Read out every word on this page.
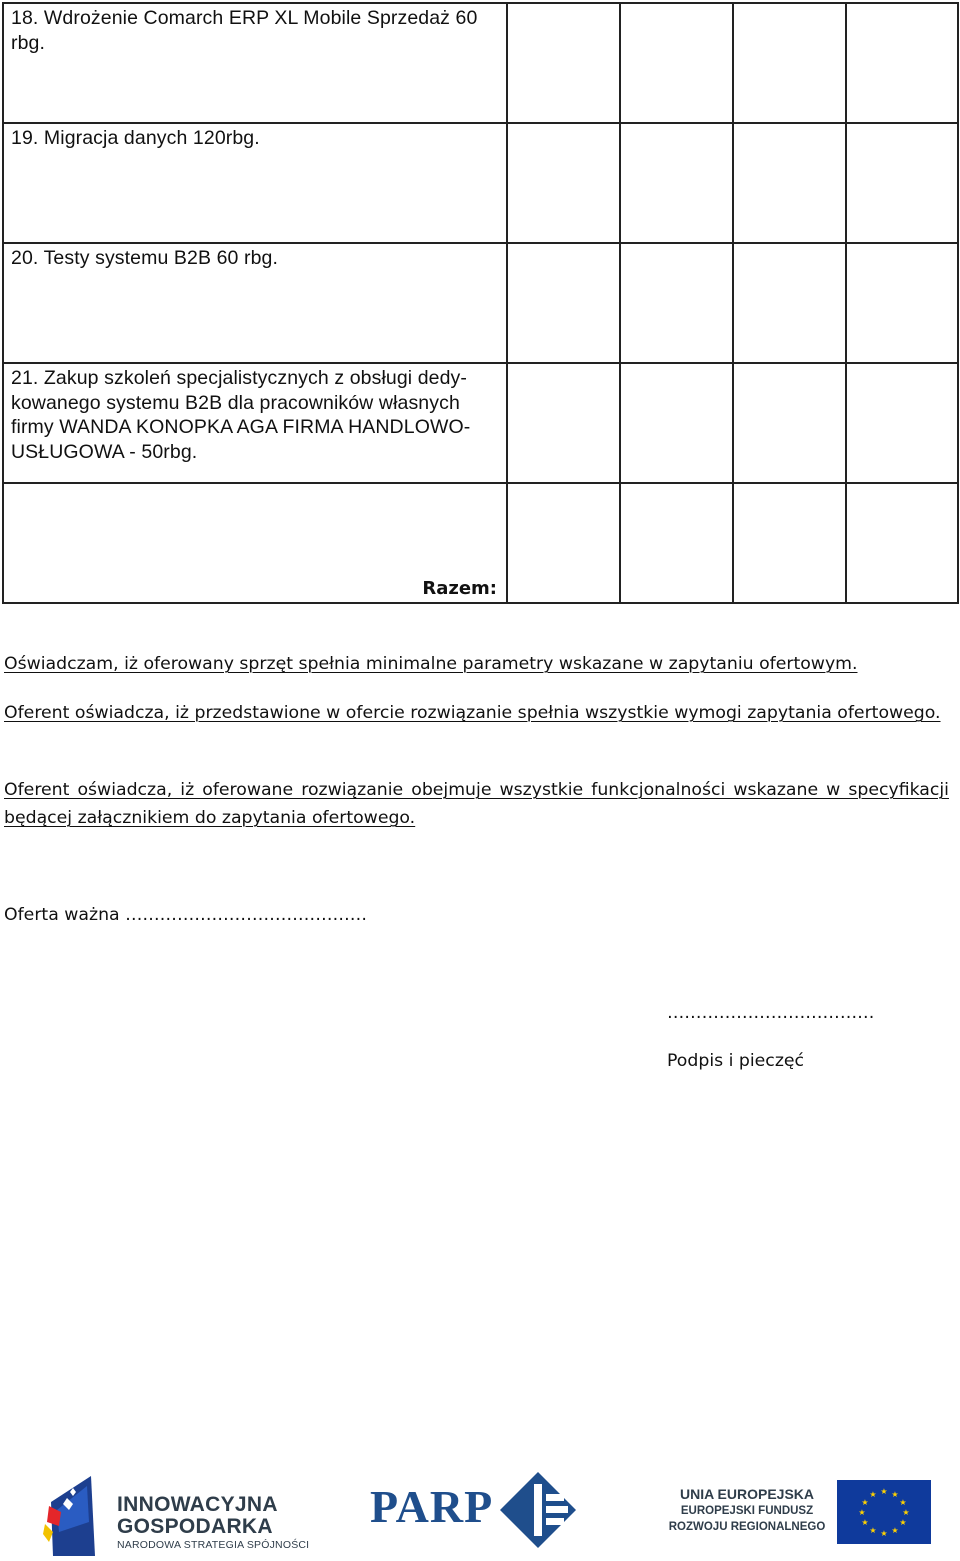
18. Wdrożenie Comarch ERP XL Mobile Sprzedaż 60 rbg.				

19. Migracja danych 120rbg.				

20. Testy systemu B2B 60 rbg.				

21. Zakup szkoleń specjalistycznych z obsługi dedy-kowanego systemu B2B dla pracowników własnych firmy WANDA KONOPKA AGA FIRMA HANDLOWO-USŁUGOWA - 50rbg.				

Razem:				

Oświadczam, iż oferowany sprzęt spełnia minimalne parametry wskazane w zapytaniu ofertowym.

Oferent oświadcza, iż przedstawione w ofercie rozwiązanie spełnia wszystkie wymogi zapytania ofertowego.

Oferent oświadcza, iż oferowane rozwiązanie obejmuje wszystkie funkcjonalności wskazane w specyfikacji będącej załącznikiem do zapytania ofertowego.

Oferta ważna ……………………………………
………………………………
Podpis i pieczęć
INNOWACYJNA
GOSPODARKA
NARODOWA STRATEGIA SPÓJNOŚCI
PARP	UNIA EUROPEJSKA
EUROPEJSKI FUNDUSZ
ROZWOJU REGIONALNEGO
★ ★
★
★
★
★
★
★
★
★
★
★
